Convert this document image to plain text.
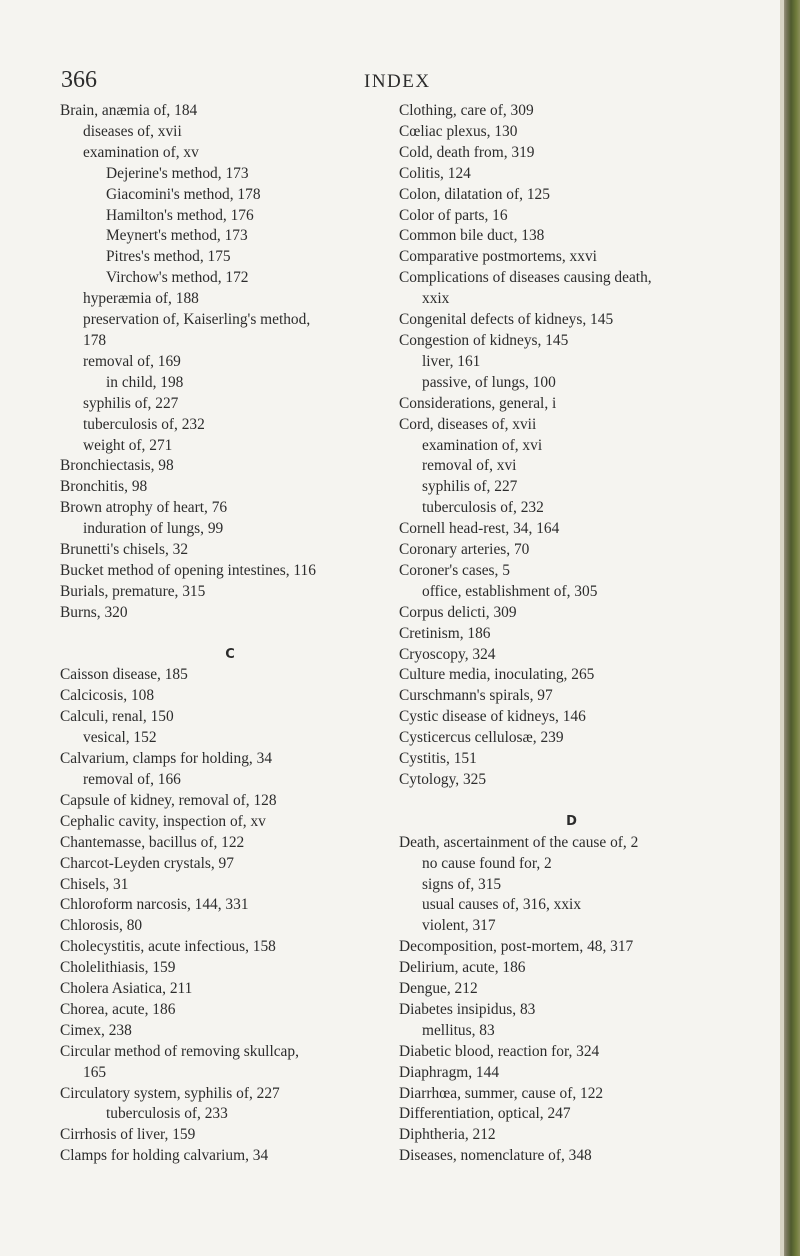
366	INDEX
Brain, anæmia of, 184
diseases of, xvii
examination of, xv
Dejerine's method, 173
Giacomini's method, 178
Hamilton's method, 176
Meynert's method, 173
Pitres's method, 175
Virchow's method, 172
hyperæmia of, 188
preservation of, Kaiserling's method,
178
removal of, 169
in child, 198
syphilis of, 227
tuberculosis of, 232
weight of, 271
Bronchiectasis, 98
Bronchitis, 98
Brown atrophy of heart, 76
induration of lungs, 99
Brunetti's chisels, 32
Bucket method of opening intestines, 116
Burials, premature, 315
Burns, 320
C
Caisson disease, 185
Calcicosis, 108
Calculi, renal, 150
vesical, 152
Calvarium, clamps for holding, 34
removal of, 166
Capsule of kidney, removal of, 128
Cephalic cavity, inspection of, xv
Chantemasse, bacillus of, 122
Charcot-Leyden crystals, 97
Chisels, 31
Chloroform narcosis, 144, 331
Chlorosis, 80
Cholecystitis, acute infectious, 158
Cholelithiasis, 159
Cholera Asiatica, 211
Chorea, acute, 186
Cimex, 238
Circular method of removing skullcap,
165
Circulatory system, syphilis of, 227
tuberculosis of, 233
Cirrhosis of liver, 159
Clamps for holding calvarium, 34
Clothing, care of, 309
Cœliac plexus, 130
Cold, death from, 319
Colitis, 124
Colon, dilatation of, 125
Color of parts, 16
Common bile duct, 138
Comparative postmortems, xxvi
Complications of diseases causing death,
xxix
Congenital defects of kidneys, 145
Congestion of kidneys, 145
liver, 161
passive, of lungs, 100
Considerations, general, i
Cord, diseases of, xvii
examination of, xvi
removal of, xvi
syphilis of, 227
tuberculosis of, 232
Cornell head-rest, 34, 164
Coronary arteries, 70
Coroner's cases, 5
office, establishment of, 305
Corpus delicti, 309
Cretinism, 186
Cryoscopy, 324
Culture media, inoculating, 265
Curschmann's spirals, 97
Cystic disease of kidneys, 146
Cysticercus cellulosæ, 239
Cystitis, 151
Cytology, 325
D
Death, ascertainment of the cause of, 2
no cause found for, 2
signs of, 315
usual causes of, 316, xxix
violent, 317
Decomposition, post-mortem, 48, 317
Delirium, acute, 186
Dengue, 212
Diabetes insipidus, 83
mellitus, 83
Diabetic blood, reaction for, 324
Diaphragm, 144
Diarrhœa, summer, cause of, 122
Differentiation, optical, 247
Diphtheria, 212
Diseases, nomenclature of, 348
